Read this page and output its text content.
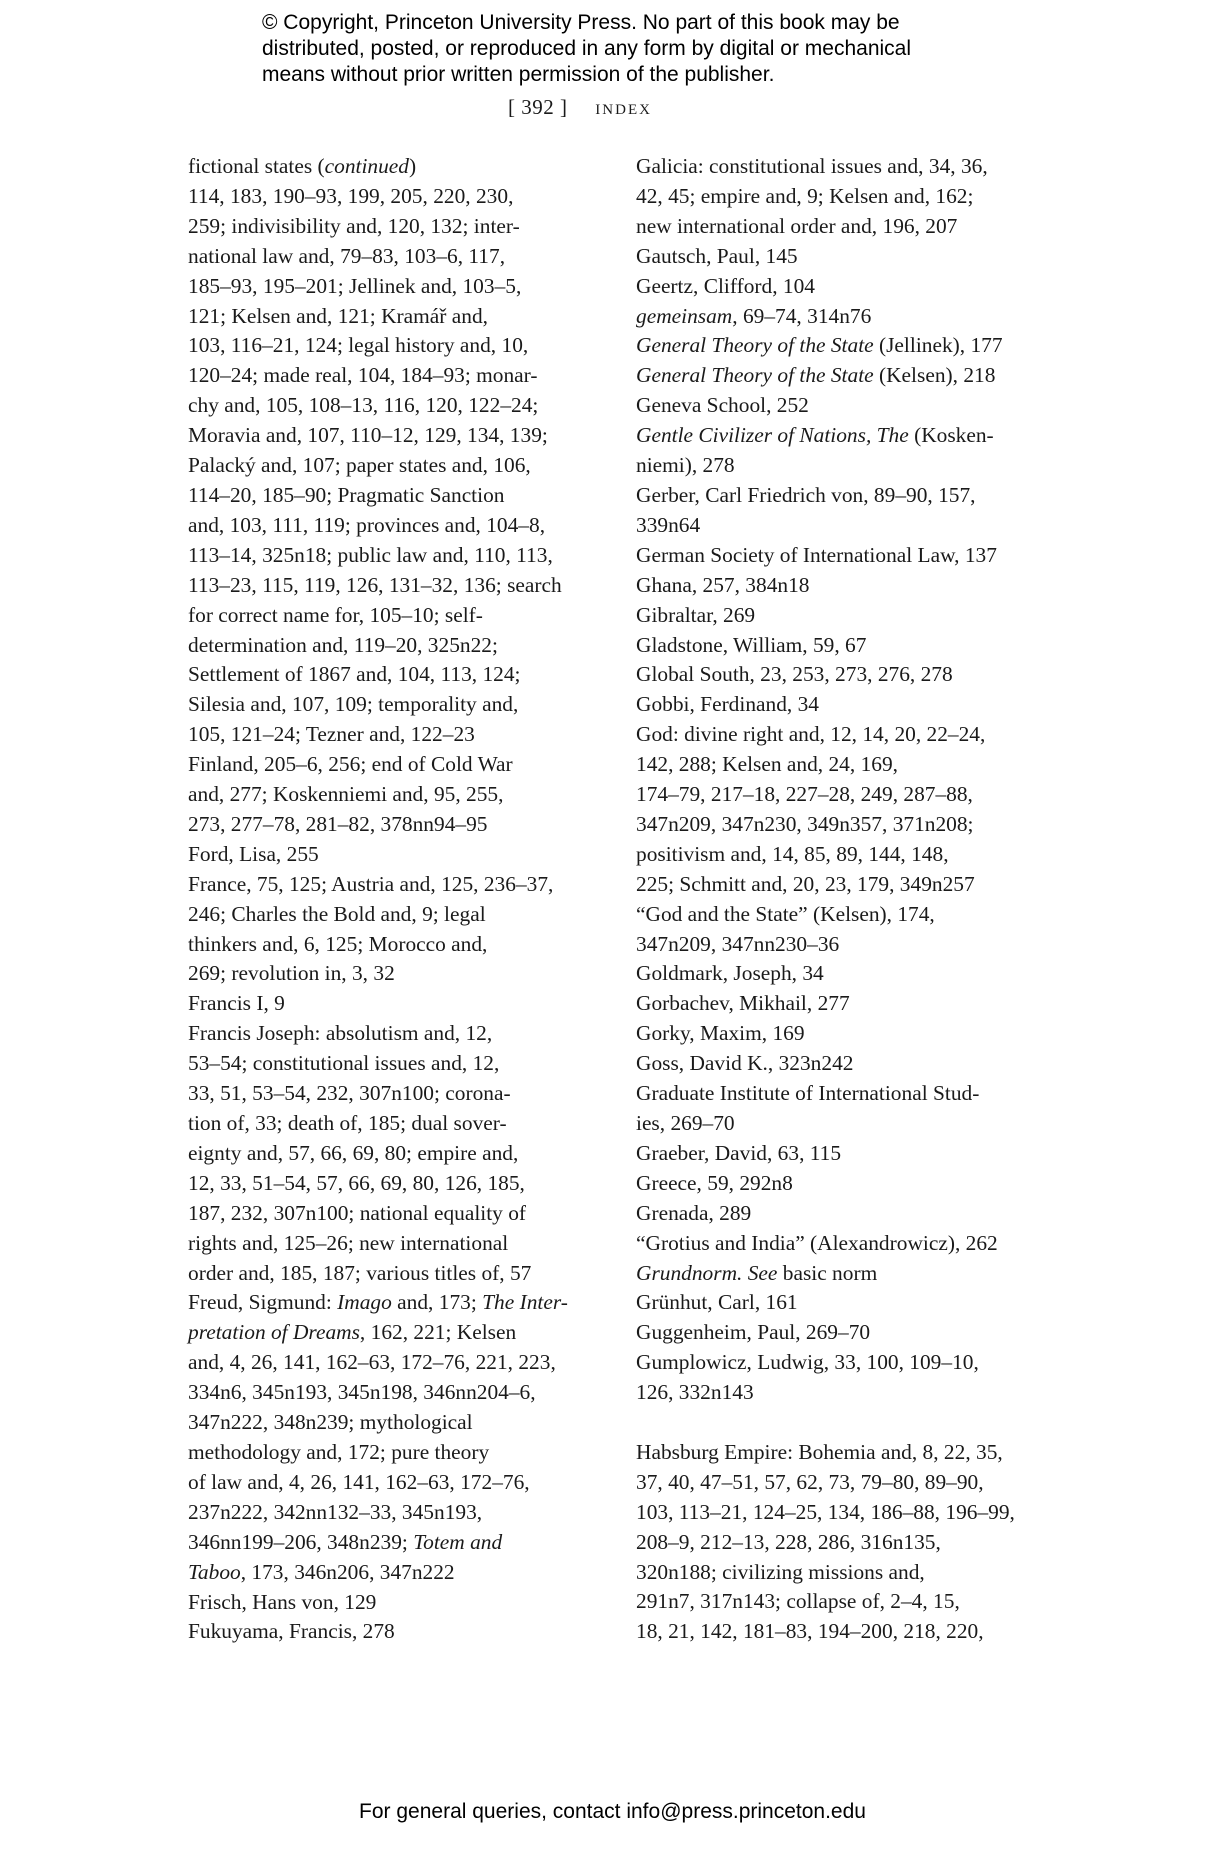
© Copyright, Princeton University Press. No part of this book may be
distributed, posted, or reproduced in any form by digital or mechanical
means without prior written permission of the publisher.
[ 392 ] index
fictional states (continued)
114, 183, 190–93, 199, 205, 220, 230,
259; indivisibility and, 120, 132; inter-
national law and, 79–83, 103–6, 117,
185–93, 195–201; Jellinek and, 103–5,
121; Kelsen and, 121; Kramář and,
103, 116–21, 124; legal history and, 10,
120–24; made real, 104, 184–93; monar-
chy and, 105, 108–13, 116, 120, 122–24;
Moravia and, 107, 110–12, 129, 134, 139;
Palacký and, 107; paper states and, 106,
114–20, 185–90; Pragmatic Sanction
and, 103, 111, 119; provinces and, 104–8,
113–14, 325n18; public law and, 110, 113,
113–23, 115, 119, 126, 131–32, 136; search
for correct name for, 105–10; self-
determination and, 119–20, 325n22;
Settlement of 1867 and, 104, 113, 124;
Silesia and, 107, 109; temporality and,
105, 121–24; Tezner and, 122–23
Finland, 205–6, 256; end of Cold War
and, 277; Koskenniemi and, 95, 255,
273, 277–78, 281–82, 378nn94–95
Ford, Lisa, 255
France, 75, 125; Austria and, 125, 236–37,
246; Charles the Bold and, 9; legal
thinkers and, 6, 125; Morocco and,
269; revolution in, 3, 32
Francis I, 9
Francis Joseph: absolutism and, 12,
53–54; constitutional issues and, 12,
33, 51, 53–54, 232, 307n100; corona-
tion of, 33; death of, 185; dual sover-
eignty and, 57, 66, 69, 80; empire and,
12, 33, 51–54, 57, 66, 69, 80, 126, 185,
187, 232, 307n100; national equality of
rights and, 125–26; new international
order and, 185, 187; various titles of, 57
Freud, Sigmund: Imago and, 173; The Inter-
pretation of Dreams, 162, 221; Kelsen
and, 4, 26, 141, 162–63, 172–76, 221, 223,
334n6, 345n193, 345n198, 346nn204–6,
347n222, 348n239; mythological
methodology and, 172; pure theory
of law and, 4, 26, 141, 162–63, 172–76,
237n222, 342nn132–33, 345n193,
346nn199–206, 348n239; Totem and
Taboo, 173, 346n206, 347n222
Frisch, Hans von, 129
Fukuyama, Francis, 278
Galicia: constitutional issues and, 34, 36,
42, 45; empire and, 9; Kelsen and, 162;
new international order and, 196, 207
Gautsch, Paul, 145
Geertz, Clifford, 104
gemeinsam, 69–74, 314n76
General Theory of the State (Jellinek), 177
General Theory of the State (Kelsen), 218
Geneva School, 252
Gentle Civilizer of Nations, The (Kosken-
niemi), 278
Gerber, Carl Friedrich von, 89–90, 157,
339n64
German Society of International Law, 137
Ghana, 257, 384n18
Gibraltar, 269
Gladstone, William, 59, 67
Global South, 23, 253, 273, 276, 278
Gobbi, Ferdinand, 34
God: divine right and, 12, 14, 20, 22–24,
142, 288; Kelsen and, 24, 169,
174–79, 217–18, 227–28, 249, 287–88,
347n209, 347n230, 349n357, 371n208;
positivism and, 14, 85, 89, 144, 148,
225; Schmitt and, 20, 23, 179, 349n257
“God and the State” (Kelsen), 174,
347n209, 347nn230–36
Goldmark, Joseph, 34
Gorbachev, Mikhail, 277
Gorky, Maxim, 169
Goss, David K., 323n242
Graduate Institute of International Stud-
ies, 269–70
Graeber, David, 63, 115
Greece, 59, 292n8
Grenada, 289
“Grotius and India” (Alexandrowicz), 262
Grundnorm. See basic norm
Grünhut, Carl, 161
Guggenheim, Paul, 269–70
Gumplowicz, Ludwig, 33, 100, 109–10,
126, 332n143
Habsburg Empire: Bohemia and, 8, 22, 35,
37, 40, 47–51, 57, 62, 73, 79–80, 89–90,
103, 113–21, 124–25, 134, 186–88, 196–99,
208–9, 212–13, 228, 286, 316n135,
320n188; civilizing missions and,
291n7, 317n143; collapse of, 2–4, 15,
18, 21, 142, 181–83, 194–200, 218, 220,
For general queries, contact info@press.princeton.edu
